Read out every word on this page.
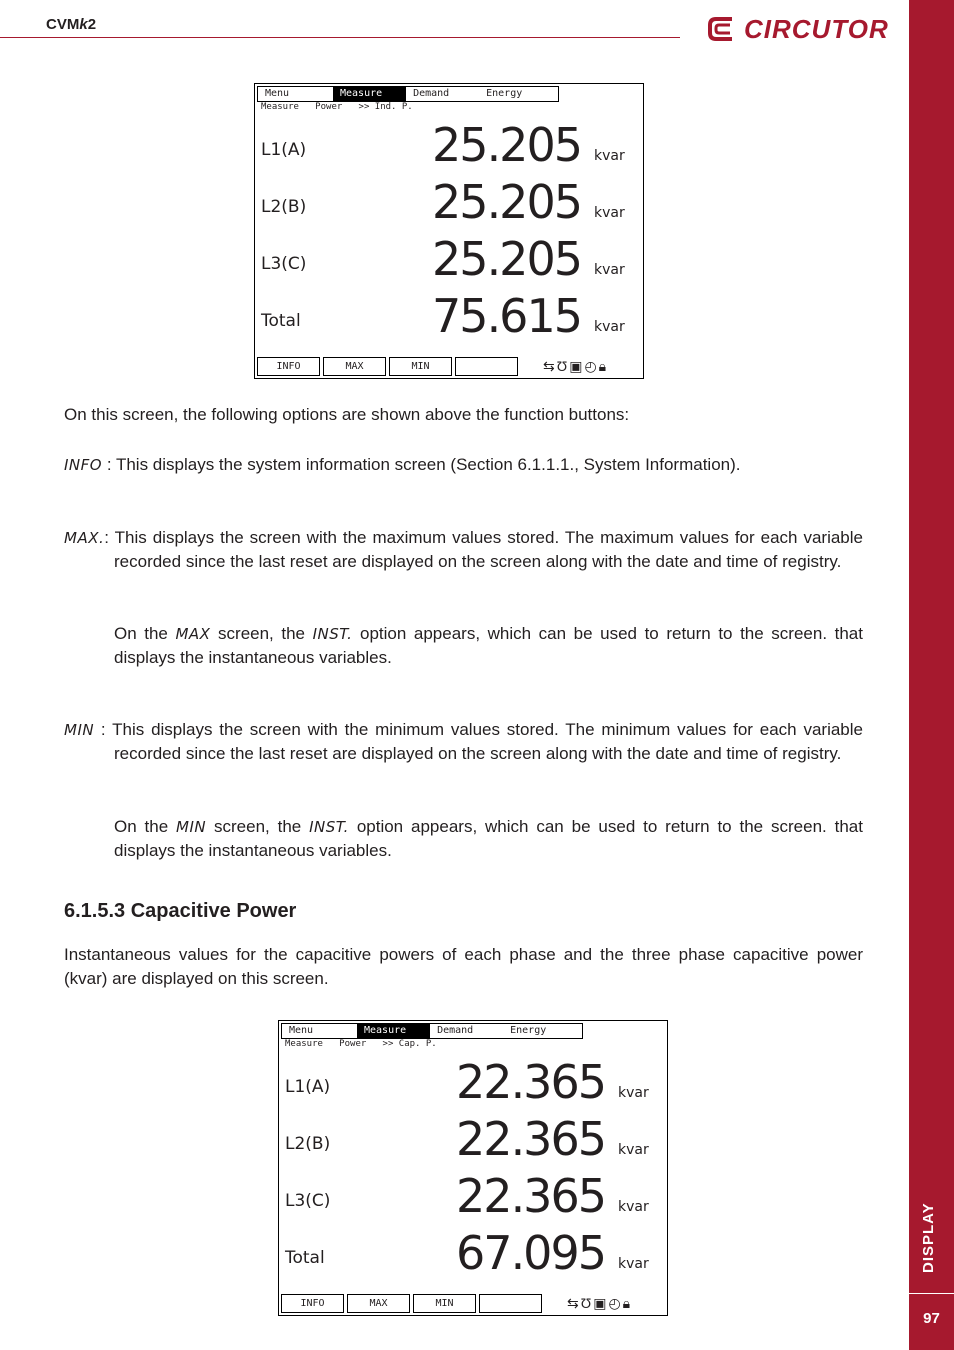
CVMk2	CIRCUTOR
DISPLAY
97
Menu	Measure	Demand	Energy
Measure   Power   >> Ind. P.
L1(A)	25.205 kvar
L2(B)	25.205 kvar
L3(C)	25.205 kvar
Total	75.615 kvar
INFO	MAX	MIN	⇆ Ʊ ▣ ◴ 🔒︎
On this screen, the following options are shown above the function buttons:
INFO : This displays the system information screen (Section 6.1.1.1., System Information).
MAX.: This displays the screen with the maximum values stored. The maximum values for each variable recorded since the last reset are displayed on the screen along with the date and time of registry.
On the MAX screen, the INST. option appears, which can be used to return to the screen. that displays the instantaneous variables.
MIN : This displays the screen with the minimum values stored. The minimum values for each variable recorded since the last reset are displayed on the screen along with the date and time of registry.
On the MIN screen, the INST. option appears, which can be used to return to the screen. that displays the instantaneous variables.
6.1.5.3 Capacitive Power
Instantaneous values for the capacitive powers of each phase and the three phase capacitive power (kvar) are displayed on this screen.
Menu	Measure	Demand	Energy
Measure   Power   >> Cap. P.
L1(A)	22.365 kvar
L2(B)	22.365 kvar
L3(C)	22.365 kvar
Total	67.095 kvar
INFO	MAX	MIN	⇆ Ʊ ▣ ◴ 🔒︎
